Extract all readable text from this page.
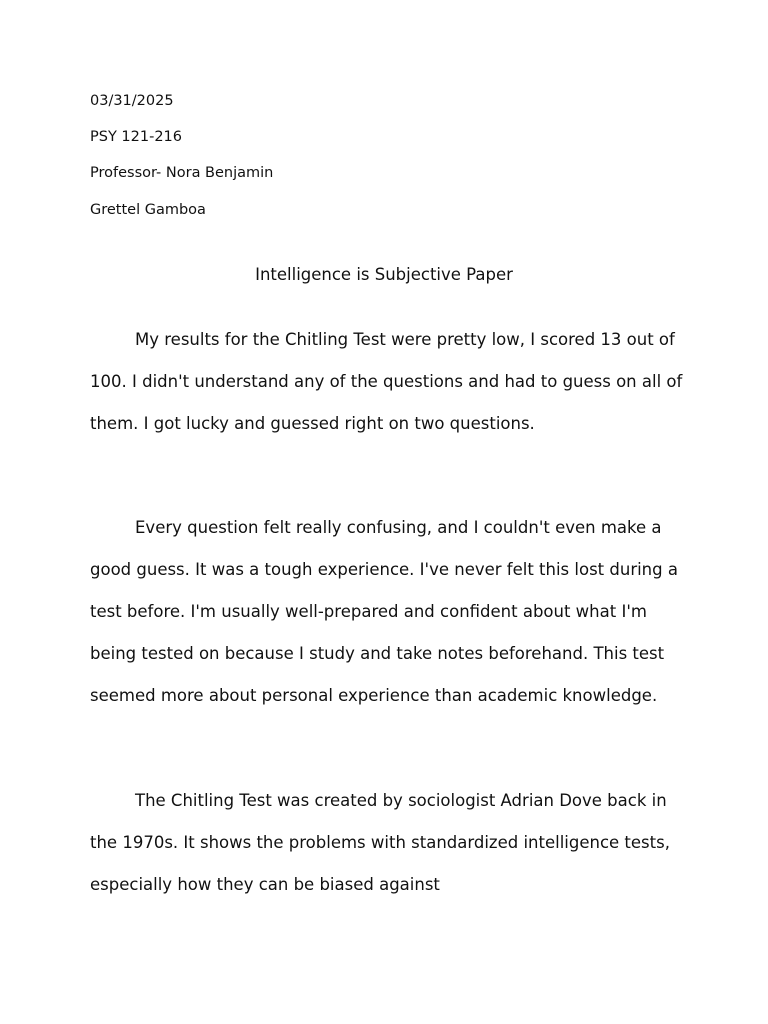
03/31/2025
PSY 121-216
Professor- Nora Benjamin
Grettel Gamboa
Intelligence is Subjective Paper

My results for the Chitling Test were pretty low, I scored 13 out of 100. I didn't understand any of the questions and had to guess on all of them. I got lucky and guessed right on two questions.

Every question felt really confusing, and I couldn't even make a good guess. It was a tough experience. I've never felt this lost during a test before. I'm usually well-prepared and confident about what I'm being tested on because I study and take notes beforehand. This test seemed more about personal experience than academic knowledge.

The Chitling Test was created by sociologist Adrian Dove back in the 1970s. It shows the problems with standardized intelligence tests, especially how they can be biased against
